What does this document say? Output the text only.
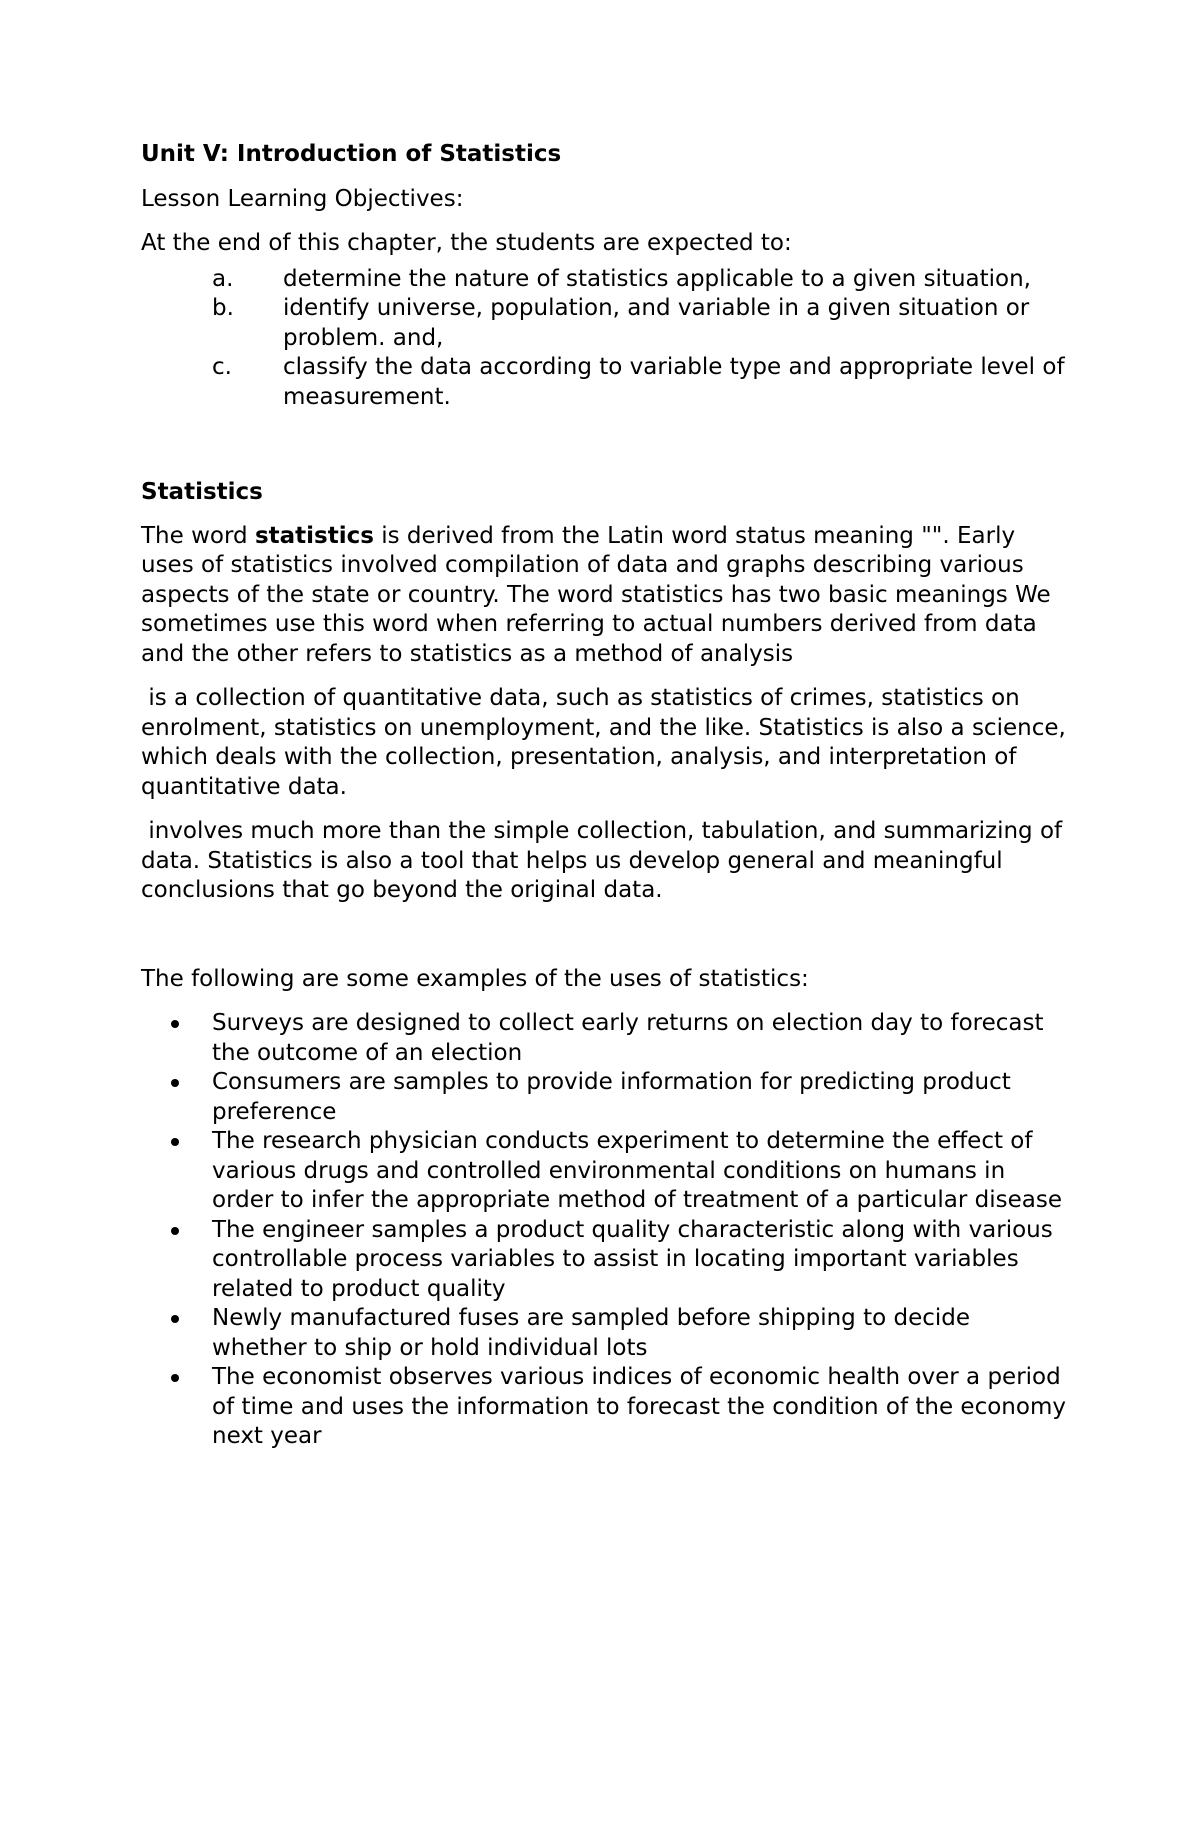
Unit V: Introduction of Statistics
Lesson Learning Objectives:
At the end of this chapter, the students are expected to:
a.	determine the nature of statistics applicable to a given situation,
b.	identify universe, population, and variable in a given situation or problem. and,
c.	classify the data according to variable type and appropriate level of measurement.
Statistics
The word statistics is derived from the Latin word status meaning "". Early uses of statistics involved compilation of data and graphs describing various aspects of the state or country. The word statistics has two basic meanings We sometimes use this word when referring to actual numbers derived from data and the other refers to statistics as a method of analysis
is a collection of quantitative data, such as statistics of crimes, statistics on enrolment, statistics on unemployment, and the like. Statistics is also a science, which deals with the collection, presentation, analysis, and interpretation of quantitative data.
involves much more than the simple collection, tabulation, and summarizing of data. Statistics is also a tool that helps us develop general and meaningful conclusions that go beyond the original data.
The following are some examples of the uses of statistics:
Surveys are designed to collect early returns on election day to forecast the outcome of an election
Consumers are samples to provide information for predicting product preference
The research physician conducts experiment to determine the effect of various drugs and controlled environmental conditions on humans in order to infer the appropriate method of treatment of a particular disease
The engineer samples a product quality characteristic along with various controllable process variables to assist in locating important variables related to product quality
Newly manufactured fuses are sampled before shipping to decide whether to ship or hold individual lots
The economist observes various indices of economic health over a period of time and uses the information to forecast the condition of the economy next year
